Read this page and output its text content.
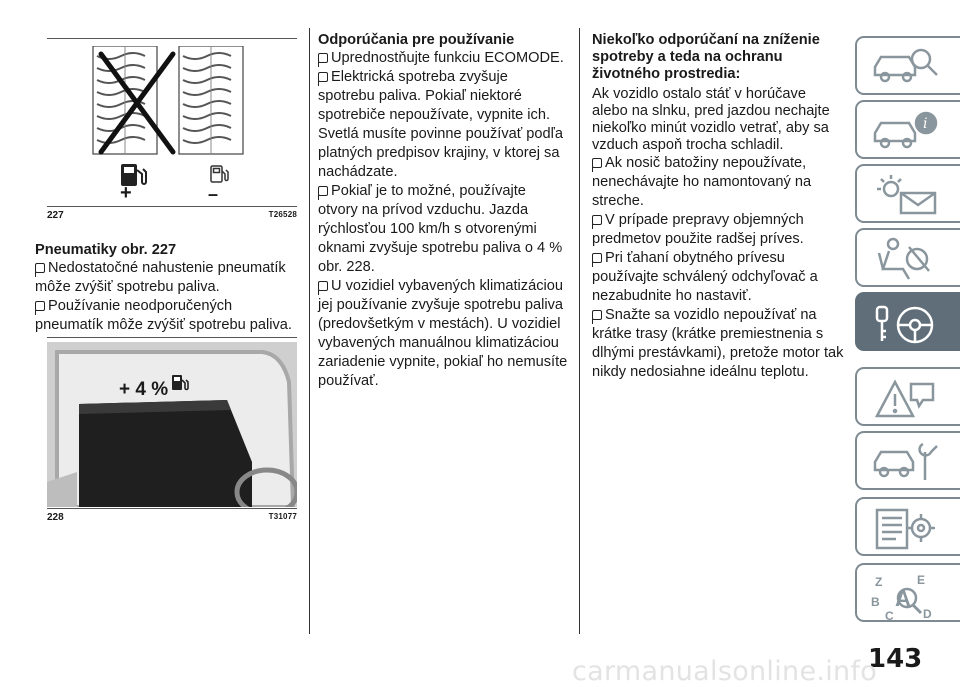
+	–
227	T26528

Pneumatiky obr. 227

Nedostatočné nahustenie pneumatík môže zvýšiť spotrebu paliva.

Používanie neodporučených pneumatík môže zvýšiť spotrebu paliva.

+ 4 %
228	T31077

Odporúčania pre používanie

Uprednostňujte funkciu ECOMODE.

Elektrická spotreba zvyšuje spotrebu paliva. Pokiaľ niektoré spotrebiče nepoužívate, vypnite ich. Svetlá musíte povinne používať podľa platných predpisov krajiny, v ktorej sa nachádzate.

Pokiaľ je to možné, používajte otvory na prívod vzduchu. Jazda rýchlosťou 100 km/h s otvorenými oknami zvyšuje spotrebu paliva o 4 % obr. 228.

U vozidiel vybavených klimatizáciou jej používanie zvyšuje spotrebu paliva (predovšetkým v mestách). U vozidiel vybavených manuálnou klimatizáciou zariadenie vypnite, pokiaľ ho nemusíte používať.

Niekoľko odporúčaní na zníženie spotreby a teda na ochranu životného prostredia:

Ak vozidlo ostalo stáť v horúčave alebo na slnku, pred jazdou nechajte niekoľko minút vozidlo vetrať, aby sa vzduch aspoň trocha schladil.

Ak nosič batožiny nepoužívate, nenechávajte ho namontovaný na streche.

V prípade prepravy objemných predmetov použite radšej príves.

Pri ťahaní obytného prívesu používajte schválený odchyľovač a nezabudnite ho nastaviť.

Snažte sa vozidlo nepoužívať na krátke trasy (krátke premiestnenia s dlhými prestávkami), pretože motor tak nikdy nedosiahne ideálnu teplotu.

i
Z	E
B
C D
A
143
carmanualsonline.info
